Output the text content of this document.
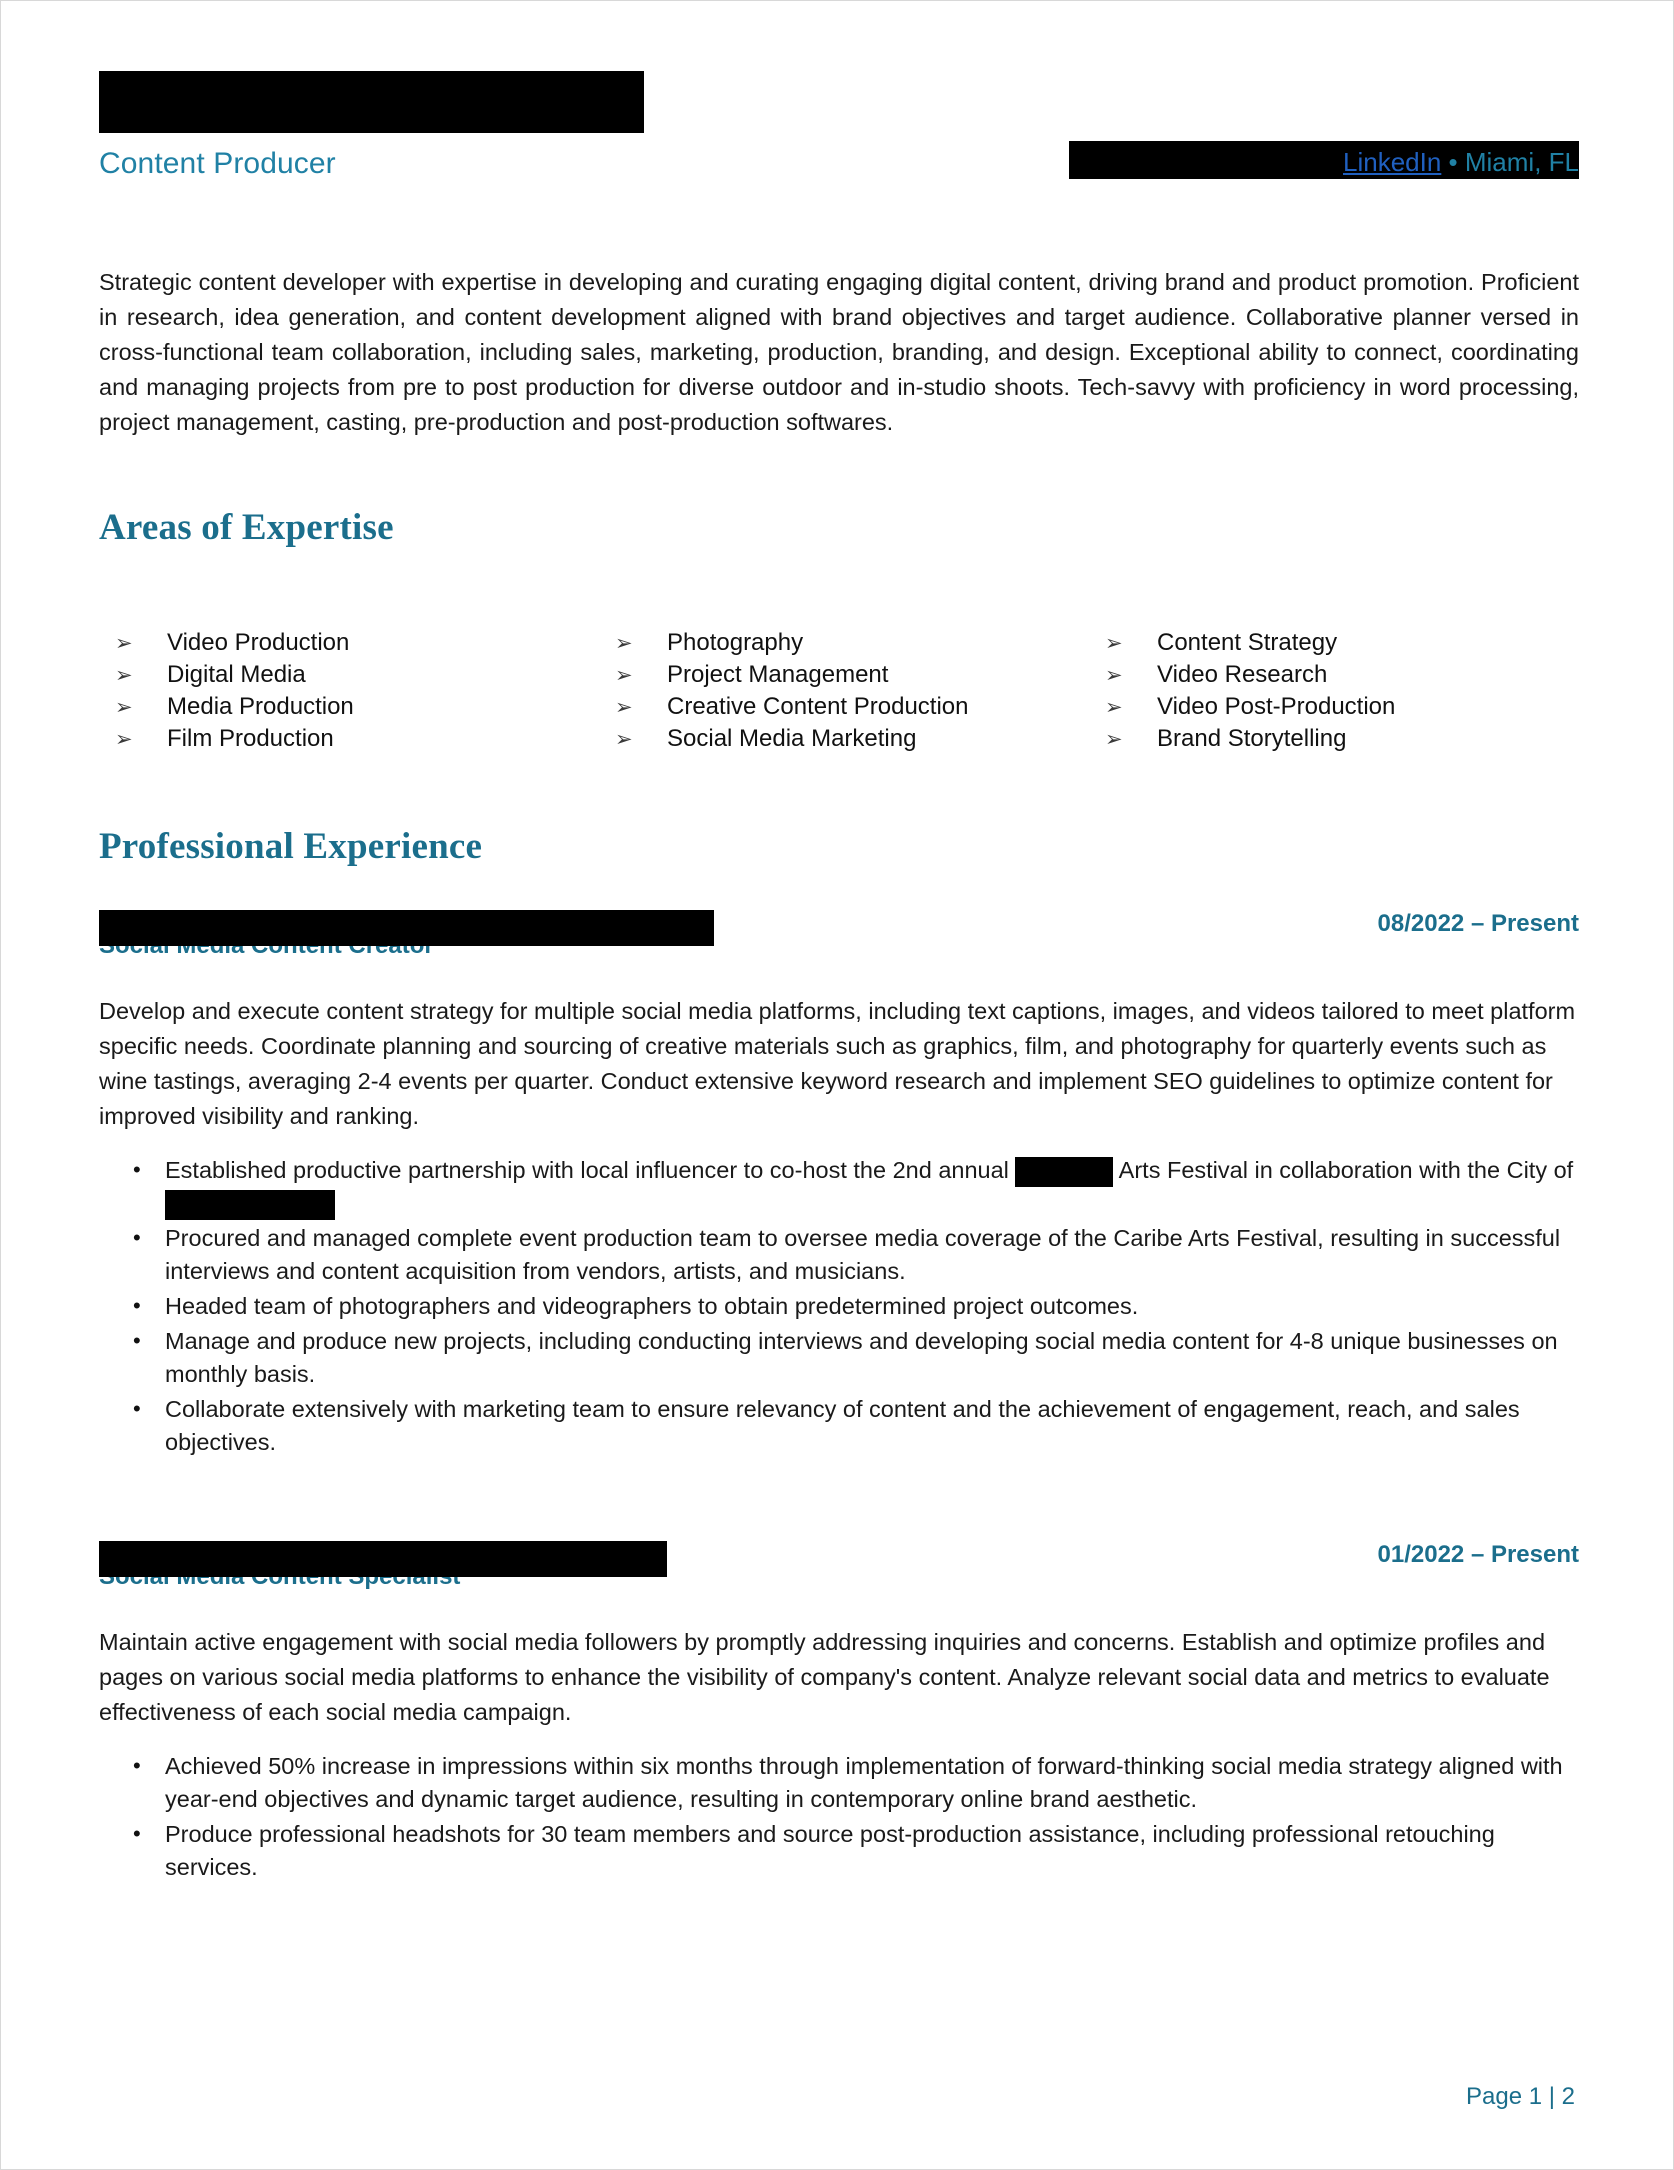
Content Producer	LinkedIn • Miami, FL
Strategic content developer with expertise in developing and curating engaging digital content, driving brand and product promotion. Proficient in research, idea generation, and content development aligned with brand objectives and target audience. Collaborative planner versed in cross-functional team collaboration, including sales, marketing, production, branding, and design. Exceptional ability to connect, coordinating and managing projects from pre to post production for diverse outdoor and in-studio shoots. Tech-savvy with proficiency in word processing, project management, casting, pre-production and post-production softwares.
Areas of Expertise
➢	Video Production
➢	Digital Media
➢	Media Production
➢	Film Production
➢	Photography
➢	Project Management
➢	Creative Content Production
➢	Social Media Marketing
➢	Content Strategy
➢	Video Research
➢	Video Post-Production
➢	Brand Storytelling
Professional Experience
08/2022 – Present
Develop and execute content strategy for multiple social media platforms, including text captions, images, and videos tailored to meet platform specific needs. Coordinate planning and sourcing of creative materials such as graphics, film, and photography for quarterly events such as wine tastings, averaging 2-4 events per quarter. Conduct extensive keyword research and implement SEO guidelines to optimize content for improved visibility and ranking.
• Established productive partnership with local influencer to co-host the 2nd annual	Arts Festival in collaboration with the City of
• Procured and managed complete event production team to oversee media coverage of the Caribe Arts Festival, resulting in successful interviews and content acquisition from vendors, artists, and musicians.
• Headed team of photographers and videographers to obtain predetermined project outcomes.
• Manage and produce new projects, including conducting interviews and developing social media content for 4-8 unique businesses on monthly basis.
• Collaborate extensively with marketing team to ensure relevancy of content and the achievement of engagement, reach, and sales objectives.
01/2022 – Present
Maintain active engagement with social media followers by promptly addressing inquiries and concerns. Establish and optimize profiles and pages on various social media platforms to enhance the visibility of company's content. Analyze relevant social data and metrics to evaluate effectiveness of each social media campaign.
• Achieved 50% increase in impressions within six months through implementation of forward-thinking social media strategy aligned with year-end objectives and dynamic target audience, resulting in contemporary online brand aesthetic.
• Produce professional headshots for 30 team members and source post-production assistance, including professional retouching services.
Page 1 | 2
